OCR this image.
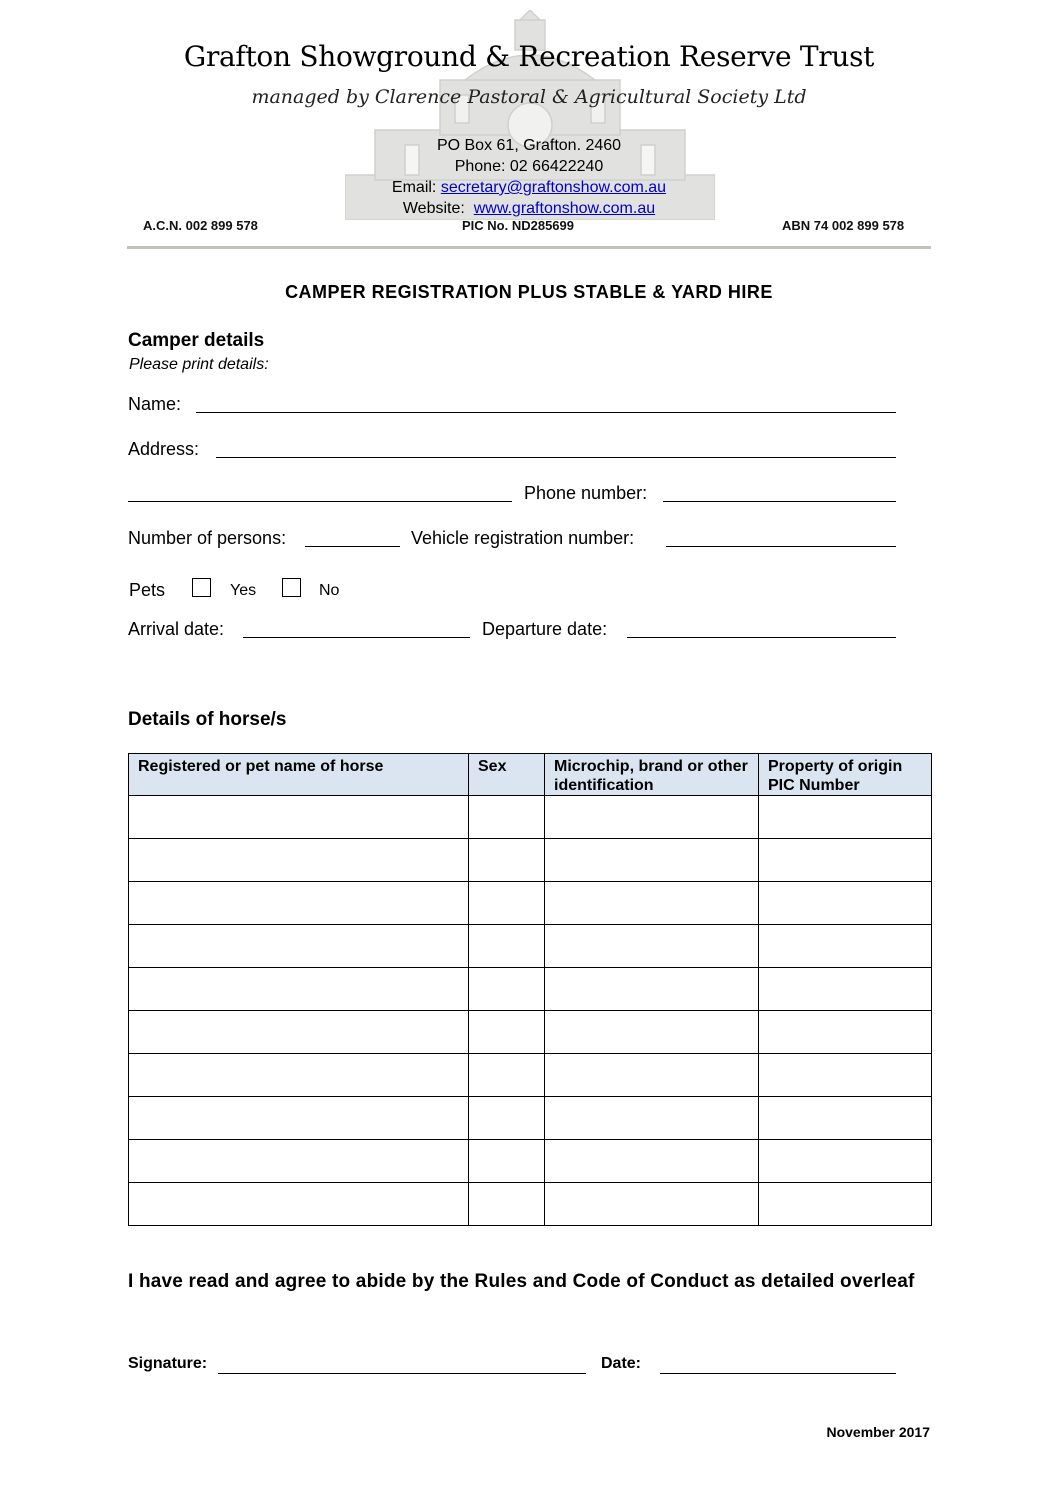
Grafton Showground & Recreation Reserve Trust
managed by Clarence Pastoral & Agricultural Society Ltd
PO Box 61, Grafton. 2460
Phone: 02 66422240
Email: secretary@graftonshow.com.au
Website: www.graftonshow.com.au
A.C.N. 002 899 578	PIC No. ND285699	ABN 74 002 899 578
CAMPER REGISTRATION PLUS STABLE & YARD HIRE
Camper details
Please print details:
Name:
Address:
Phone number:
Number of persons:	Vehicle registration number:
Pets	Yes	No
Arrival date:	Departure date:
Details of horse/s
Registered or pet name of horse	Sex	Microchip, brand or other identification	Property of origin PIC Number

I have read and agree to abide by the Rules and Code of Conduct as detailed overleaf
Signature:	Date:
November 2017
